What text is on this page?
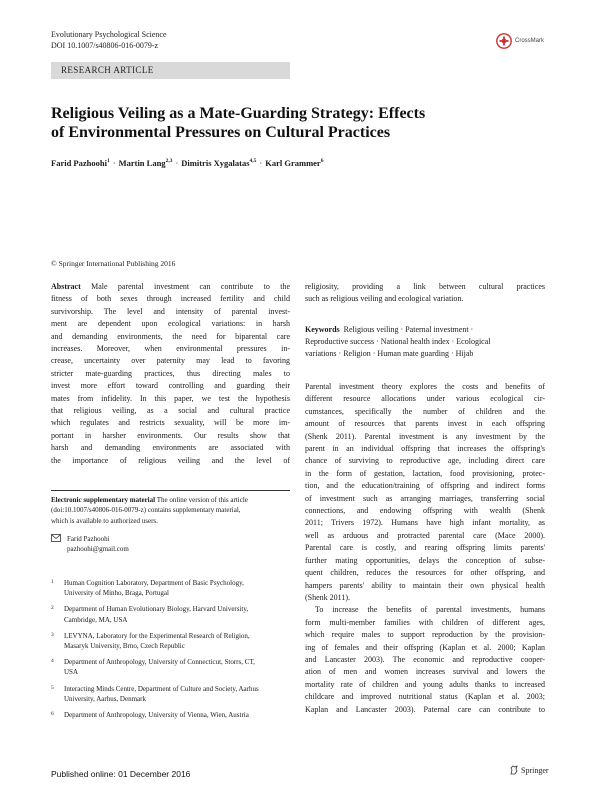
Evolutionary Psychological Science
DOI 10.1007/s40806-016-0079-z	CrossMark
RESEARCH ARTICLE
Religious Veiling as a Mate-Guarding Strategy: Effects
of Environmental Pressures on Cultural Practices
Farid Pazhoohi$^1$ · Martin Lang$^{2,3}$ · Dimitris Xygalatas$^{4,5}$ · Karl Grammer$^6$
© Springer International Publishing 2016
Abstract Male parental investment can contribute to the
fitness of both sexes through increased fertility and child
survivorship. The level and intensity of parental invest-
ment are dependent upon ecological variations: in harsh
and demanding environments, the need for biparental care
increases. Moreover, when environmental pressures in-
crease, uncertainty over paternity may lead to favoring
stricter mate-guarding practices, thus directing males to
invest more effort toward controlling and guarding their
mates from infidelity. In this paper, we test the hypothesis
that religious veiling, as a social and cultural practice
which regulates and restricts sexuality, will be more im-
portant in harsher environments. Our results show that
harsh and demanding environments are associated with
the importance of religious veiling and the level of
religiosity, providing a link between cultural practices
such as religious veiling and ecological variation.
Keywords Religious veiling · Paternal investment ·
Reproductive success · National health index · Ecological
variations · Religion · Human mate guarding · Hijab
Parental investment theory explores the costs and benefits of
different resource allocations under various ecological cir-
cumstances, specifically the number of children and the
amount of resources that parents invest in each offspring
(Shenk 2011). Parental investment is any investment by the
parent in an individual offspring that increases the offspring's
chance of surviving to reproductive age, including direct care
in the form of gestation, lactation, food provisioning, protec-
tion, and the education/training of offspring and indirect forms
of investment such as arranging marriages, transferring social
connections, and endowing offspring with wealth (Shenk
2011; Trivers 1972). Humans have high infant mortality, as
well as arduous and protracted parental care (Mace 2000).
Parental care is costly, and rearing offspring limits parents'
further mating opportunities, delays the conception of subse-
quent children, reduces the resources for other offspring, and
hampers parents' ability to maintain their own physical health
(Shenk 2011).
To increase the benefits of parental investments, humans
form multi-member families with children of different ages,
which require males to support reproduction by the provision-
ing of females and their offspring (Kaplan et al. 2000; Kaplan
and Lancaster 2003). The economic and reproductive cooper-
ation of men and women increases survival and lowers the
mortality rate of children and young adults thanks to increased
childcare and improved nutritional status (Kaplan et al. 2003;
Kaplan and Lancaster 2003). Paternal care can contribute to
Electronic supplementary material The online version of this article
(doi:10.1007/s40806-016-0079-z) contains supplementary material,
which is available to authorized users.
Farid Pazhoohi
pazhoohi@gmail.com
1	Human Cognition Laboratory, Department of Basic Psychology,
University of Minho, Braga, Portugal
2	Department of Human Evolutionary Biology, Harvard University,
Cambridge, MA, USA
3	LEVYNA, Laboratory for the Experimental Research of Religion,
Masaryk University, Brno, Czech Republic
4	Department of Anthropology, University of Connecticut, Storrs, CT,
USA
5	Interacting Minds Centre, Department of Culture and Society, Aarhus
University, Aarhus, Denmark
6	Department of Anthropology, University of Vienna, Wien, Austria
Published online: 01 December 2016	Springer
